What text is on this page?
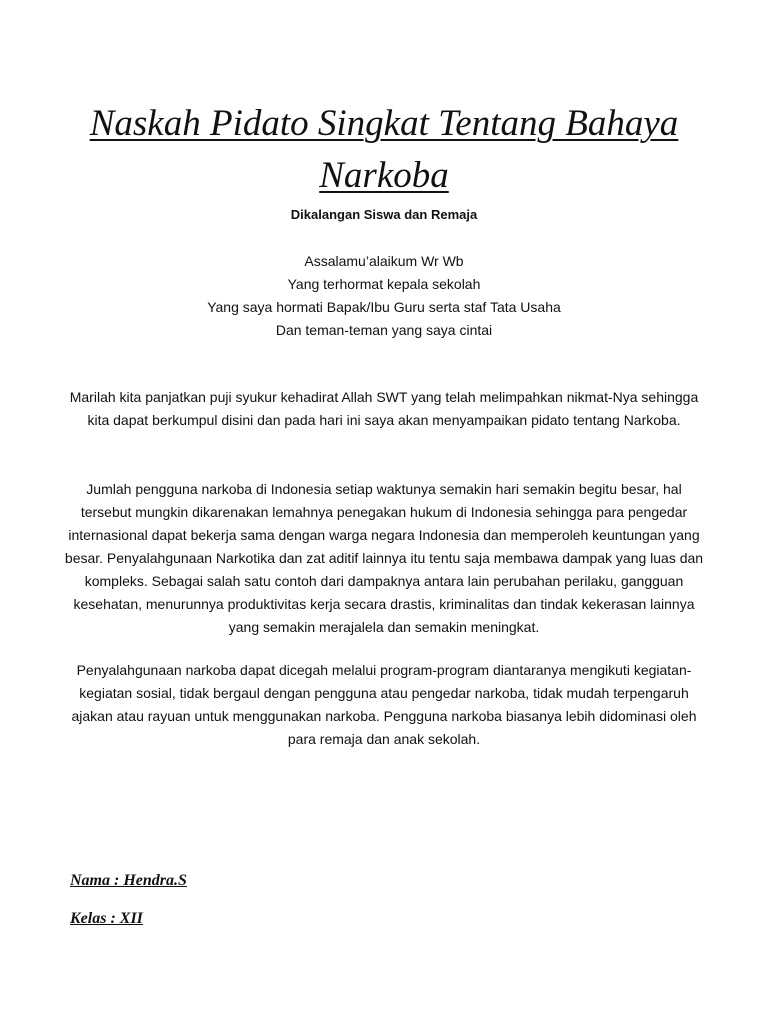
Naskah Pidato Singkat Tentang Bahaya
Narkoba
Dikalangan Siswa dan Remaja
Assalamu’alaikum Wr Wb
Yang terhormat kepala sekolah
Yang saya hormati Bapak/Ibu Guru serta staf Tata Usaha
Dan teman-teman yang saya cintai

Marilah kita panjatkan puji syukur kehadirat Allah SWT yang telah melimpahkan nikmat-Nya sehingga kita dapat berkumpul disini dan pada hari ini saya akan menyampaikan pidato tentang Narkoba.

Jumlah pengguna narkoba di Indonesia setiap waktunya semakin hari semakin begitu besar, hal tersebut mungkin dikarenakan lemahnya penegakan hukum di Indonesia sehingga para pengedar internasional dapat bekerja sama dengan warga negara Indonesia dan memperoleh keuntungan yang besar. Penyalahgunaan Narkotika dan zat aditif lainnya itu tentu saja membawa dampak yang luas dan kompleks. Sebagai salah satu contoh dari dampaknya antara lain perubahan perilaku, gangguan kesehatan, menurunnya produktivitas kerja secara drastis, kriminalitas dan tindak kekerasan lainnya yang semakin merajalela dan semakin meningkat.

Penyalahgunaan narkoba dapat dicegah melalui program-program diantaranya mengikuti kegiatan-kegiatan sosial, tidak bergaul dengan pengguna atau pengedar narkoba, tidak mudah terpengaruh ajakan atau rayuan untuk menggunakan narkoba. Pengguna narkoba biasanya lebih didominasi oleh para remaja dan anak sekolah.

Nama : Hendra.S
Kelas : XII
